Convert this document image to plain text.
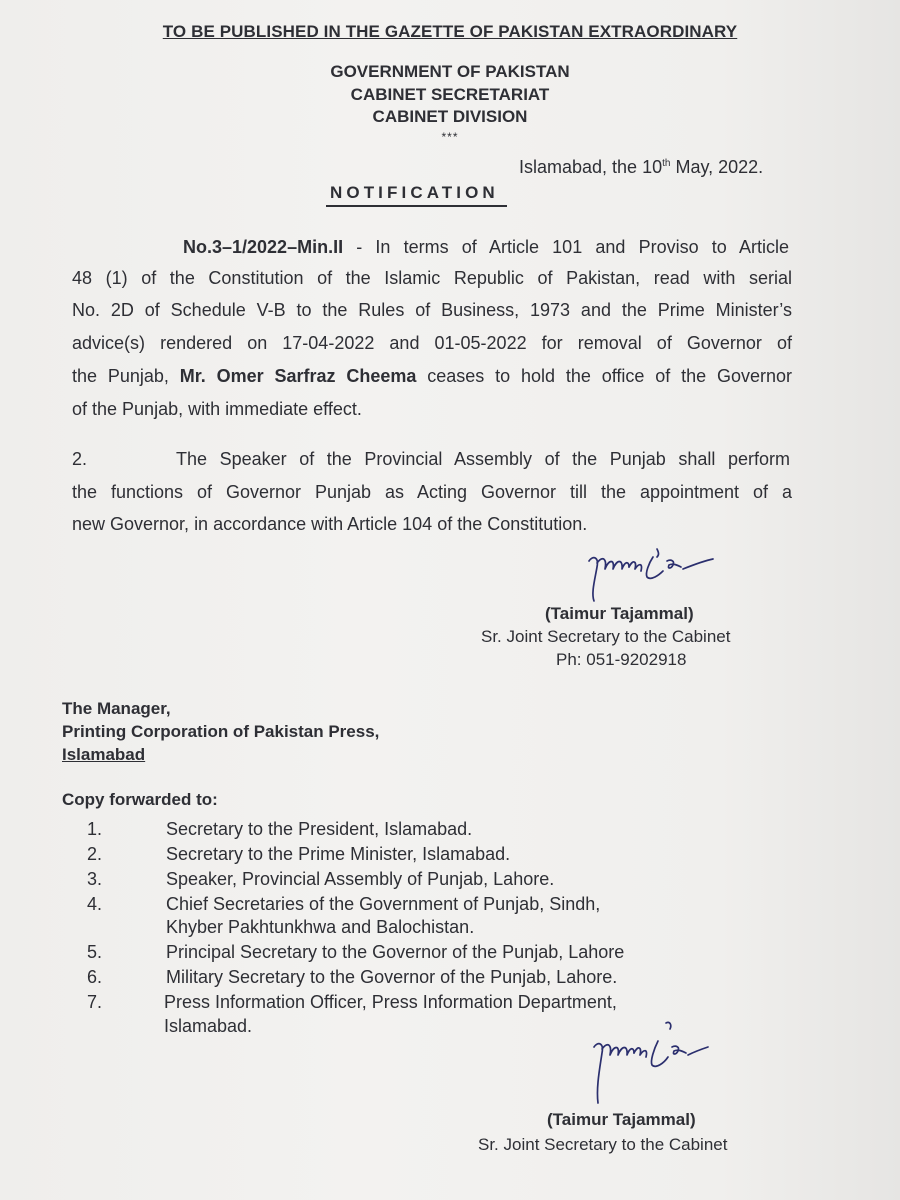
TO BE PUBLISHED IN THE GAZETTE OF PAKISTAN EXTRAORDINARY
GOVERNMENT OF PAKISTAN
CABINET SECRETARIAT
CABINET DIVISION
***
Islamabad, the 10th May, 2022.
NOTIFICATION
No.3–1/2022–Min.II - In terms of Article 101 and Proviso to Article
48 (1) of the Constitution of the Islamic Republic of Pakistan, read with serial
No. 2D of Schedule V-B to the Rules of Business, 1973 and the Prime Minister’s
advice(s) rendered on 17-04-2022 and 01-05-2022 for removal of Governor of
the Punjab, Mr. Omer Sarfraz Cheema ceases to hold the office of the Governor
of the Punjab, with immediate effect.
2.	The Speaker of the Provincial Assembly of the Punjab shall perform
the functions of Governor Punjab as Acting Governor till the appointment of a
new Governor, in accordance with Article 104 of the Constitution.
(Taimur Tajammal)
Sr. Joint Secretary to the Cabinet
Ph: 051-9202918
The Manager,
Printing Corporation of Pakistan Press,
Islamabad
Copy forwarded to:
1.	Secretary to the President, Islamabad.
2.	Secretary to the Prime Minister, Islamabad.
3.	Speaker, Provincial Assembly of Punjab, Lahore.
4.	Chief Secretaries of the Government of Punjab, Sindh,
Khyber Pakhtunkhwa and Balochistan.
5.	Principal Secretary to the Governor of the Punjab, Lahore
6.	Military Secretary to the Governor of the Punjab, Lahore.
7.	Press Information Officer, Press Information Department,
Islamabad.
(Taimur Tajammal)
Sr. Joint Secretary to the Cabinet
